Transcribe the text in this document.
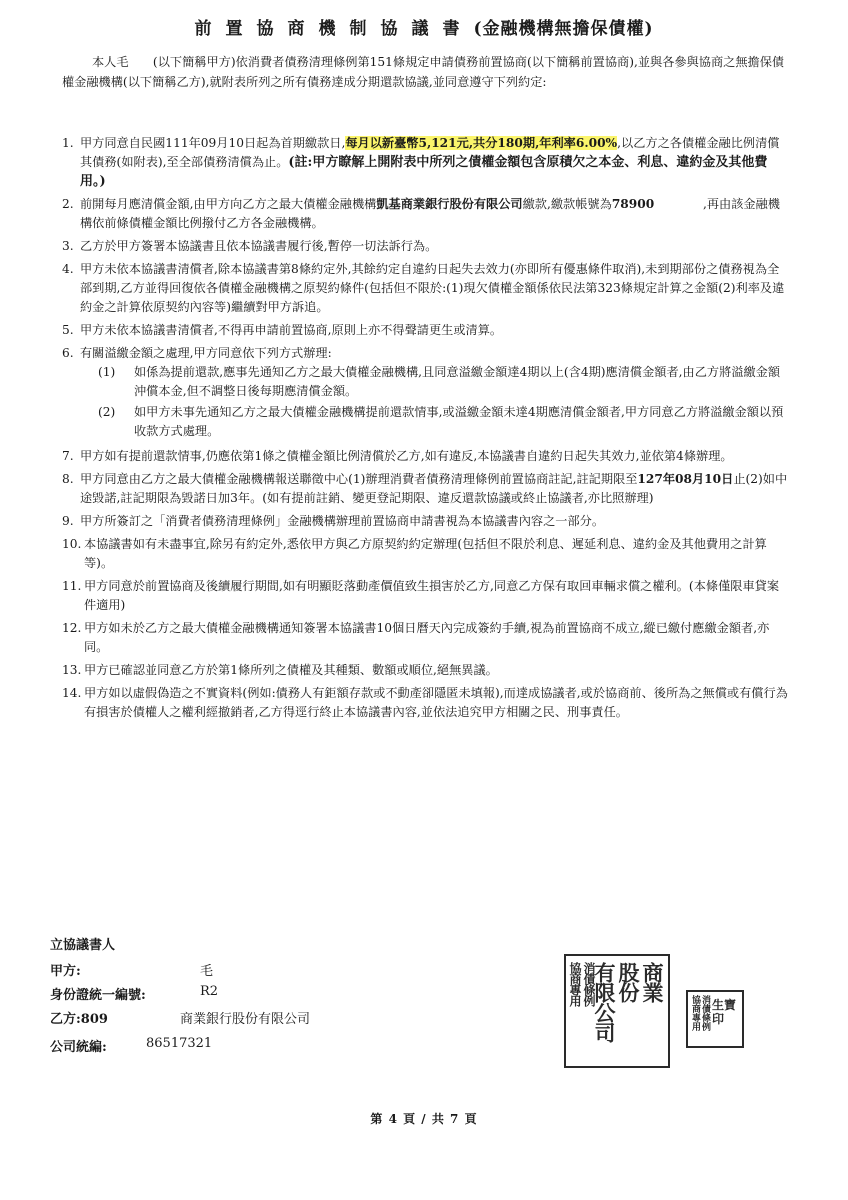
前置協商機制協議書(金融機構無擔保債權)
本人毛　　(以下簡稱甲方)依消費者債務清理條例第151條規定申請債務前置協商(以下簡稱前置協商),並與各參與協商之無擔保債權金融機構(以下簡稱乙方),就附表所列之所有債務達成分期還款協議,並同意遵守下列約定:
1. 甲方同意自民國111年09月10日起為首期繳款日,每月以新臺幣5,121元,共分180期,年利率6.00%,以乙方之各債權金融比例清償其債務(如附表),至全部債務清償為止。(註:甲方瞭解上開附表中所列之債權金額包含原積欠之本金、利息、違約金及其他費用。)
2. 前開每月應清償金額,由甲方向乙方之最大債權金融機構凱基商業銀行股份有限公司繳款,繳款帳號為78900　　　　,再由該金融機構依前條債權金額比例撥付乙方各金融機構。
3. 乙方於甲方簽署本協議書且依本協議書履行後,暫停一切法訴行為。
4. 甲方未依本協議書清償者,除本協議書第8條約定外,其餘約定自違約日起失去效力(亦即所有優惠條件取消),未到期部份之債務視為全部到期,乙方並得回復依各債權金融機構之原契約條件(包括但不限於:(1)現欠債權金額係依民法第323條規定計算之金額(2)利率及違約金之計算依原契約內容等)繼續對甲方訴追。
5. 甲方未依本協議書清償者,不得再申請前置協商,原則上亦不得聲請更生或清算。
6. 有關溢繳金額之處理,甲方同意依下列方式辦理:
(1)	如係為提前還款,應事先通知乙方之最大債權金融機構,且同意溢繳金額達4期以上(含4期)應清償金額者,由乙方將溢繳金額沖償本金,但不調整日後每期應清償金額。
(2)	如甲方未事先通知乙方之最大債權金融機構提前還款情事,或溢繳金額未達4期應清償金額者,甲方同意乙方將溢繳金額以預收款方式處理。
7. 甲方如有提前還款情事,仍應依第1條之債權金額比例清償於乙方,如有違反,本協議書自違約日起失其效力,並依第4條辦理。
8. 甲方同意由乙方之最大債權金融機構報送聯徵中心(1)辦理消費者債務清理條例前置協商註記,註記期限至127年08月10日止(2)如中途毀諾,註記期限為毀諾日加3年。(如有提前註銷、變更登記期限、違反還款協議或終止協議者,亦比照辦理)
9. 甲方所簽訂之「消費者債務清理條例」金融機構辦理前置協商申請書視為本協議書內容之一部分。
10. 本協議書如有未盡事宜,除另有約定外,悉依甲方與乙方原契約約定辦理(包括但不限於利息、遲延利息、違約金及其他費用之計算等)。
11. 甲方同意於前置協商及後續履行期間,如有明顯貶落動產價值致生損害於乙方,同意乙方保有取回車輛求償之權利。(本條僅限車貸案件適用)
12. 甲方如未於乙方之最大債權金融機構通知簽署本協議書10個日曆天內完成簽約手續,視為前置協商不成立,縱已繳付應繳金額者,亦同。
13. 甲方已確認並同意乙方於第1條所列之債權及其種類、數額或順位,絕無異議。
14. 甲方如以虛假偽造之不實資料(例如:債務人有鉅額存款或不動產卻隱匿未填報),而達成協議者,或於協商前、後所為之無償或有償行為有損害於債權人之權利經撤銷者,乙方得逕行終止本協議書內容,並依法追究甲方相關之民、刑事責任。
立協議書人
甲方:	毛
身份證統一編號:	R2
乙方:809	商業銀行股份有限公司
公司統編:	86517321
商業
股份
有限公司
協商專用 消債條例
協商專用 消債條例 生寶印
第 4 頁 / 共 7 頁
